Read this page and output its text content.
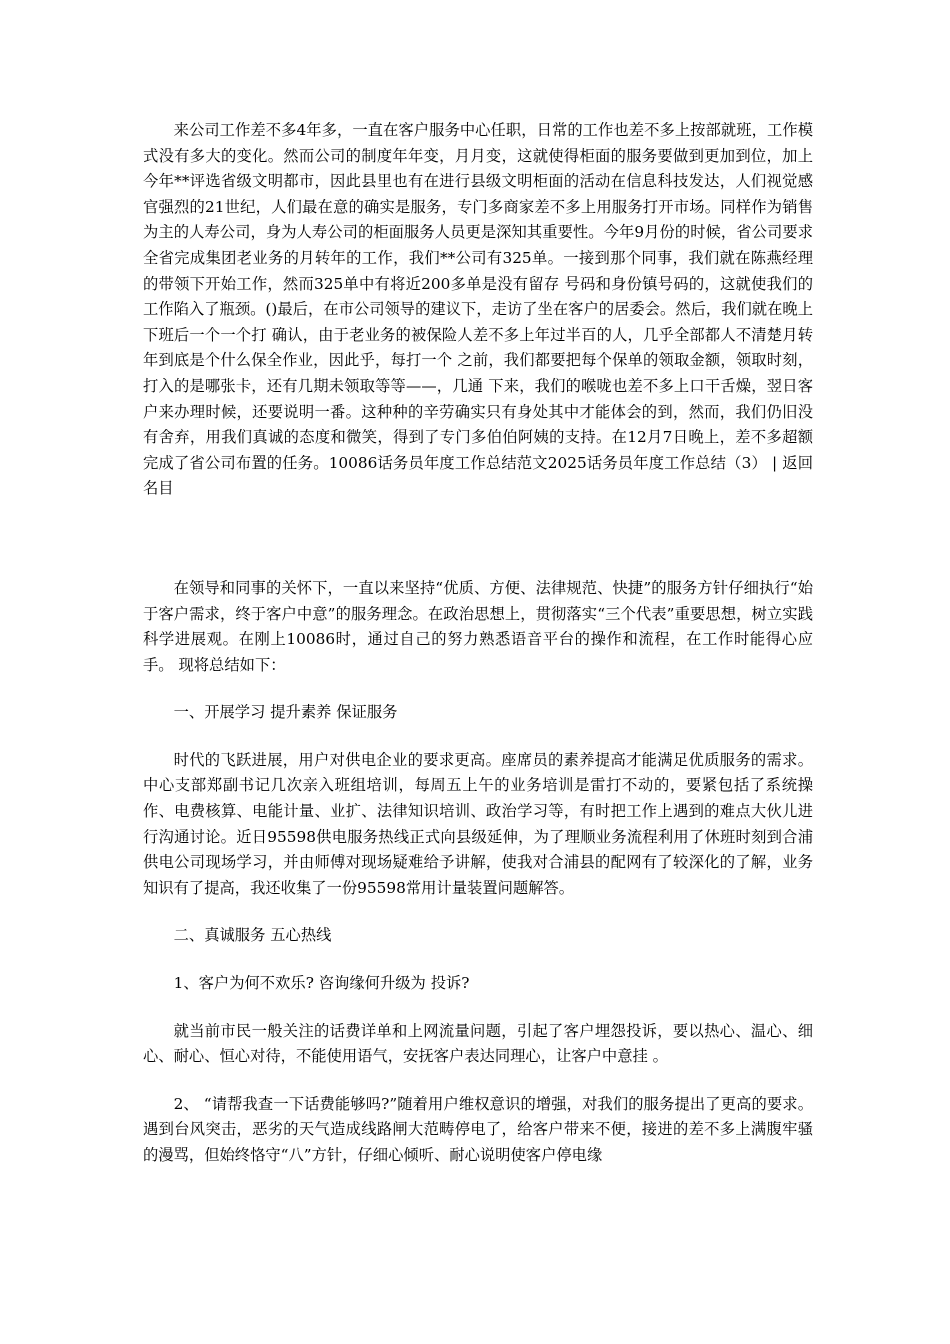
来公司工作差不多4年多，一直在客户服务中心任职，日常的工作也差不多上按部就班，工作模式没有多大的变化。然而公司的制度年年变，月月变，这就使得柜面的服务要做到更加到位，加上今年**评选省级文明都市，因此县里也有在进行县级文明柜面的活动在信息科技发达，人们视觉感官强烈的21世纪，人们最在意的确实是服务，专门多商家差不多上用服务打开市场。同样作为销售为主的人寿公司，身为人寿公司的柜面服务人员更是深知其重要性。今年9月份的时候，省公司要求全省完成集团老业务的月转年的工作，我们**公司有325单。一接到那个同事，我们就在陈燕经理的带领下开始工作，然而325单中有将近200多单是没有留存 号码和身份镇号码的，这就使我们的工作陷入了瓶颈。()最后，在市公司领导的建议下，走访了坐在客户的居委会。然后，我们就在晚上下班后一个一个打 确认，由于老业务的被保险人差不多上年过半百的人，几乎全部都人不清楚月转年到底是个什么保全作业，因此乎，每打一个 之前，我们都要把每个保单的领取金额，领取时刻，打入的是哪张卡，还有几期未领取等等——，几通 下来，我们的喉咙也差不多上口干舌燥，翌日客户来办理时候，还要说明一番。这种种的辛劳确实只有身处其中才能体会的到，然而，我们仍旧没有舍弃，用我们真诚的态度和微笑，得到了专门多伯伯阿姨的支持。在12月7日晚上，差不多超额完成了省公司布置的任务。10086话务员年度工作总结范文2025话务员年度工作总结（3） | 返回名目

在领导和同事的关怀下，一直以来坚持“优质、方便、法律规范、快捷”的服务方针仔细执行“始于客户需求，终于客户中意”的服务理念。在政治思想上，贯彻落实“三个代表”重要思想，树立实践科学进展观。在刚上10086时，通过自己的努力熟悉语音平台的操作和流程，在工作时能得心应手。 现将总结如下：

一、开展学习 提升素养 保证服务

时代的飞跃进展，用户对供电企业的要求更高。座席员的素养提高才能满足优质服务的需求。中心支部郑副书记几次亲入班组培训，每周五上午的业务培训是雷打不动的，要紧包括了系统操作、电费核算、电能计量、业扩、法律知识培训、政治学习等，有时把工作上遇到的难点大伙儿进行沟通讨论。近日95598供电服务热线正式向县级延伸，为了理顺业务流程利用了休班时刻到合浦供电公司现场学习，并由师傅对现场疑难给予讲解，使我对合浦县的配网有了较深化的了解，业务知识有了提高，我还收集了一份95598常用计量装置问题解答。

二、真诚服务 五心热线

1、客户为何不欢乐? 咨询缘何升级为 投诉?

就当前市民一般关注的话费详单和上网流量问题，引起了客户埋怨投诉，要以热心、温心、细心、耐心、恒心对待，不能使用语气，安抚客户表达同理心，让客户中意挂 。

2、 “请帮我查一下话费能够吗?”随着用户维权意识的增强，对我们的服务提出了更高的要求。遇到台风突击，恶劣的天气造成线路闸大范畴停电了，给客户带来不便，接进的差不多上满腹牢骚的漫骂，但始终恪守“八”方针，仔细心倾听、耐心说明使客户停电缘
